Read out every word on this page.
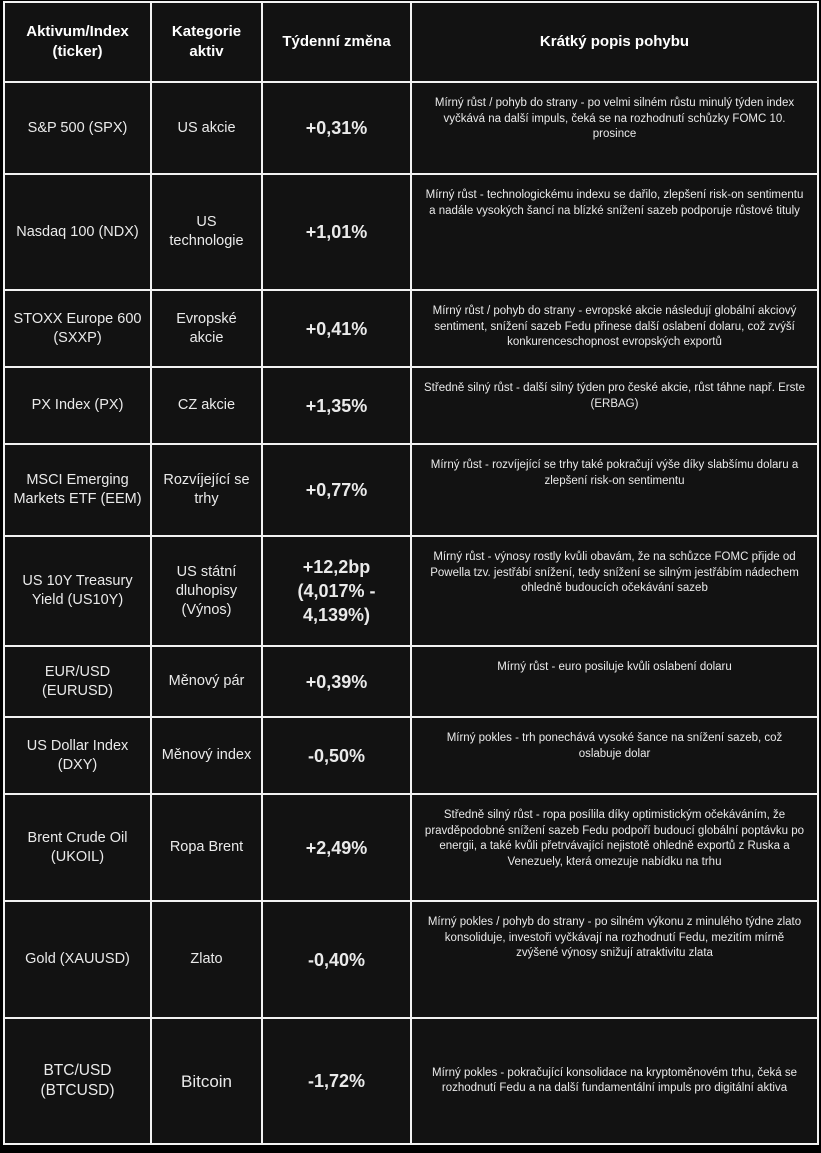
Aktivum/Index (ticker)	Kategorie aktiv	Týdenní změna	Krátký popis pohybu
S&P 500 (SPX)	US akcie	+0,31%	Mírný růst / pohyb do strany - po velmi silném růstu minulý týden index vyčkává na další impuls, čeká se na rozhodnutí schůzky FOMC 10. prosince
Nasdaq 100 (NDX)	US technologie	+1,01%	Mírný růst - technologickému indexu se dařilo, zlepšení risk-on sentimentu a nadále vysokých šancí na blízké snížení sazeb podporuje růstové tituly
STOXX Europe 600 (SXXP)	Evropské akcie	+0,41%	Mírný růst / pohyb do strany - evropské akcie následují globální akciový sentiment, snížení sazeb Fedu přinese další oslabení dolaru, což zvýší konkurenceschopnost evropských exportů
PX Index (PX)	CZ akcie	+1,35%	Středně silný růst - další silný týden pro české akcie, růst táhne např. Erste (ERBAG)
MSCI Emerging Markets ETF (EEM)	Rozvíjející se trhy	+0,77%	Mírný růst - rozvíjející se trhy také pokračují výše díky slabšímu dolaru a zlepšení risk-on sentimentu
US 10Y Treasury Yield (US10Y)	US státní dluhopisy (Výnos)	+12,2bp (4,017% - 4,139%)	Mírný růst - výnosy rostly kvůli obavám, že na schůzce FOMC přijde od Powella tzv. jestřábí snížení, tedy snížení se silným jestřábím nádechem ohledně budoucích očekávání sazeb
EUR/USD (EURUSD)	Měnový pár	+0,39%	Mírný růst - euro posiluje kvůli oslabení dolaru
US Dollar Index (DXY)	Měnový index	-0,50%	Mírný pokles - trh ponechává vysoké šance na snížení sazeb, což oslabuje dolar
Brent Crude Oil (UKOIL)	Ropa Brent	+2,49%	Středně silný růst - ropa posílila díky optimistickým očekáváním, že pravděpodobné snížení sazeb Fedu podpoří budoucí globální poptávku po energii, a také kvůli přetrvávající nejistotě ohledně exportů z Ruska a Venezuely, která omezuje nabídku na trhu
Gold (XAUUSD)	Zlato	-0,40%	Mírný pokles / pohyb do strany - po silném výkonu z minulého týdne zlato konsoliduje, investoři vyčkávají na rozhodnutí Fedu, mezitím mírně zvýšené výnosy snižují atraktivitu zlata
BTC/USD (BTCUSD)	Bitcoin	-1,72%	Mírný pokles - pokračující konsolidace na kryptoměnovém trhu, čeká se rozhodnutí Fedu a na další fundamentální impuls pro digitální aktiva
